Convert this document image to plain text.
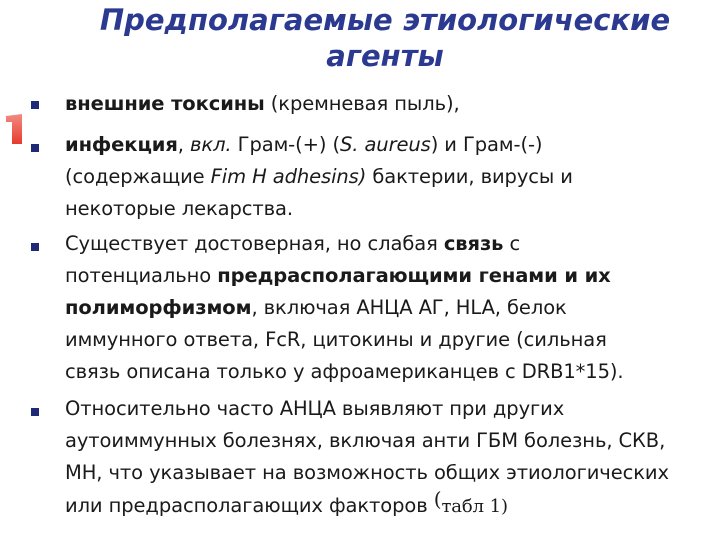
Предполагаемые этиологические
агенты
внешние токсины (кремневая пыль),
инфекция, вкл. Грам-(+) (S. aureus) и Грам-(-)
(содержащие Fim H adhesins) бактерии, вирусы и
некоторые лекарства.
Существует достоверная, но слабая связь с
потенциально предрасполагающими генами и их
полиморфизмом, включая АНЦА АГ, HLA, белок
иммунного ответа, FcR, цитокины и другие (сильная
связь описана только у афроамериканцев с DRB1*15).
Относительно часто АНЦА выявляют при других
аутоиммунных болезнях, включая анти ГБМ болезнь, СКВ,
МН, что указывает на возможность общих этиологических
или предрасполагающих факторов (табл 1)
